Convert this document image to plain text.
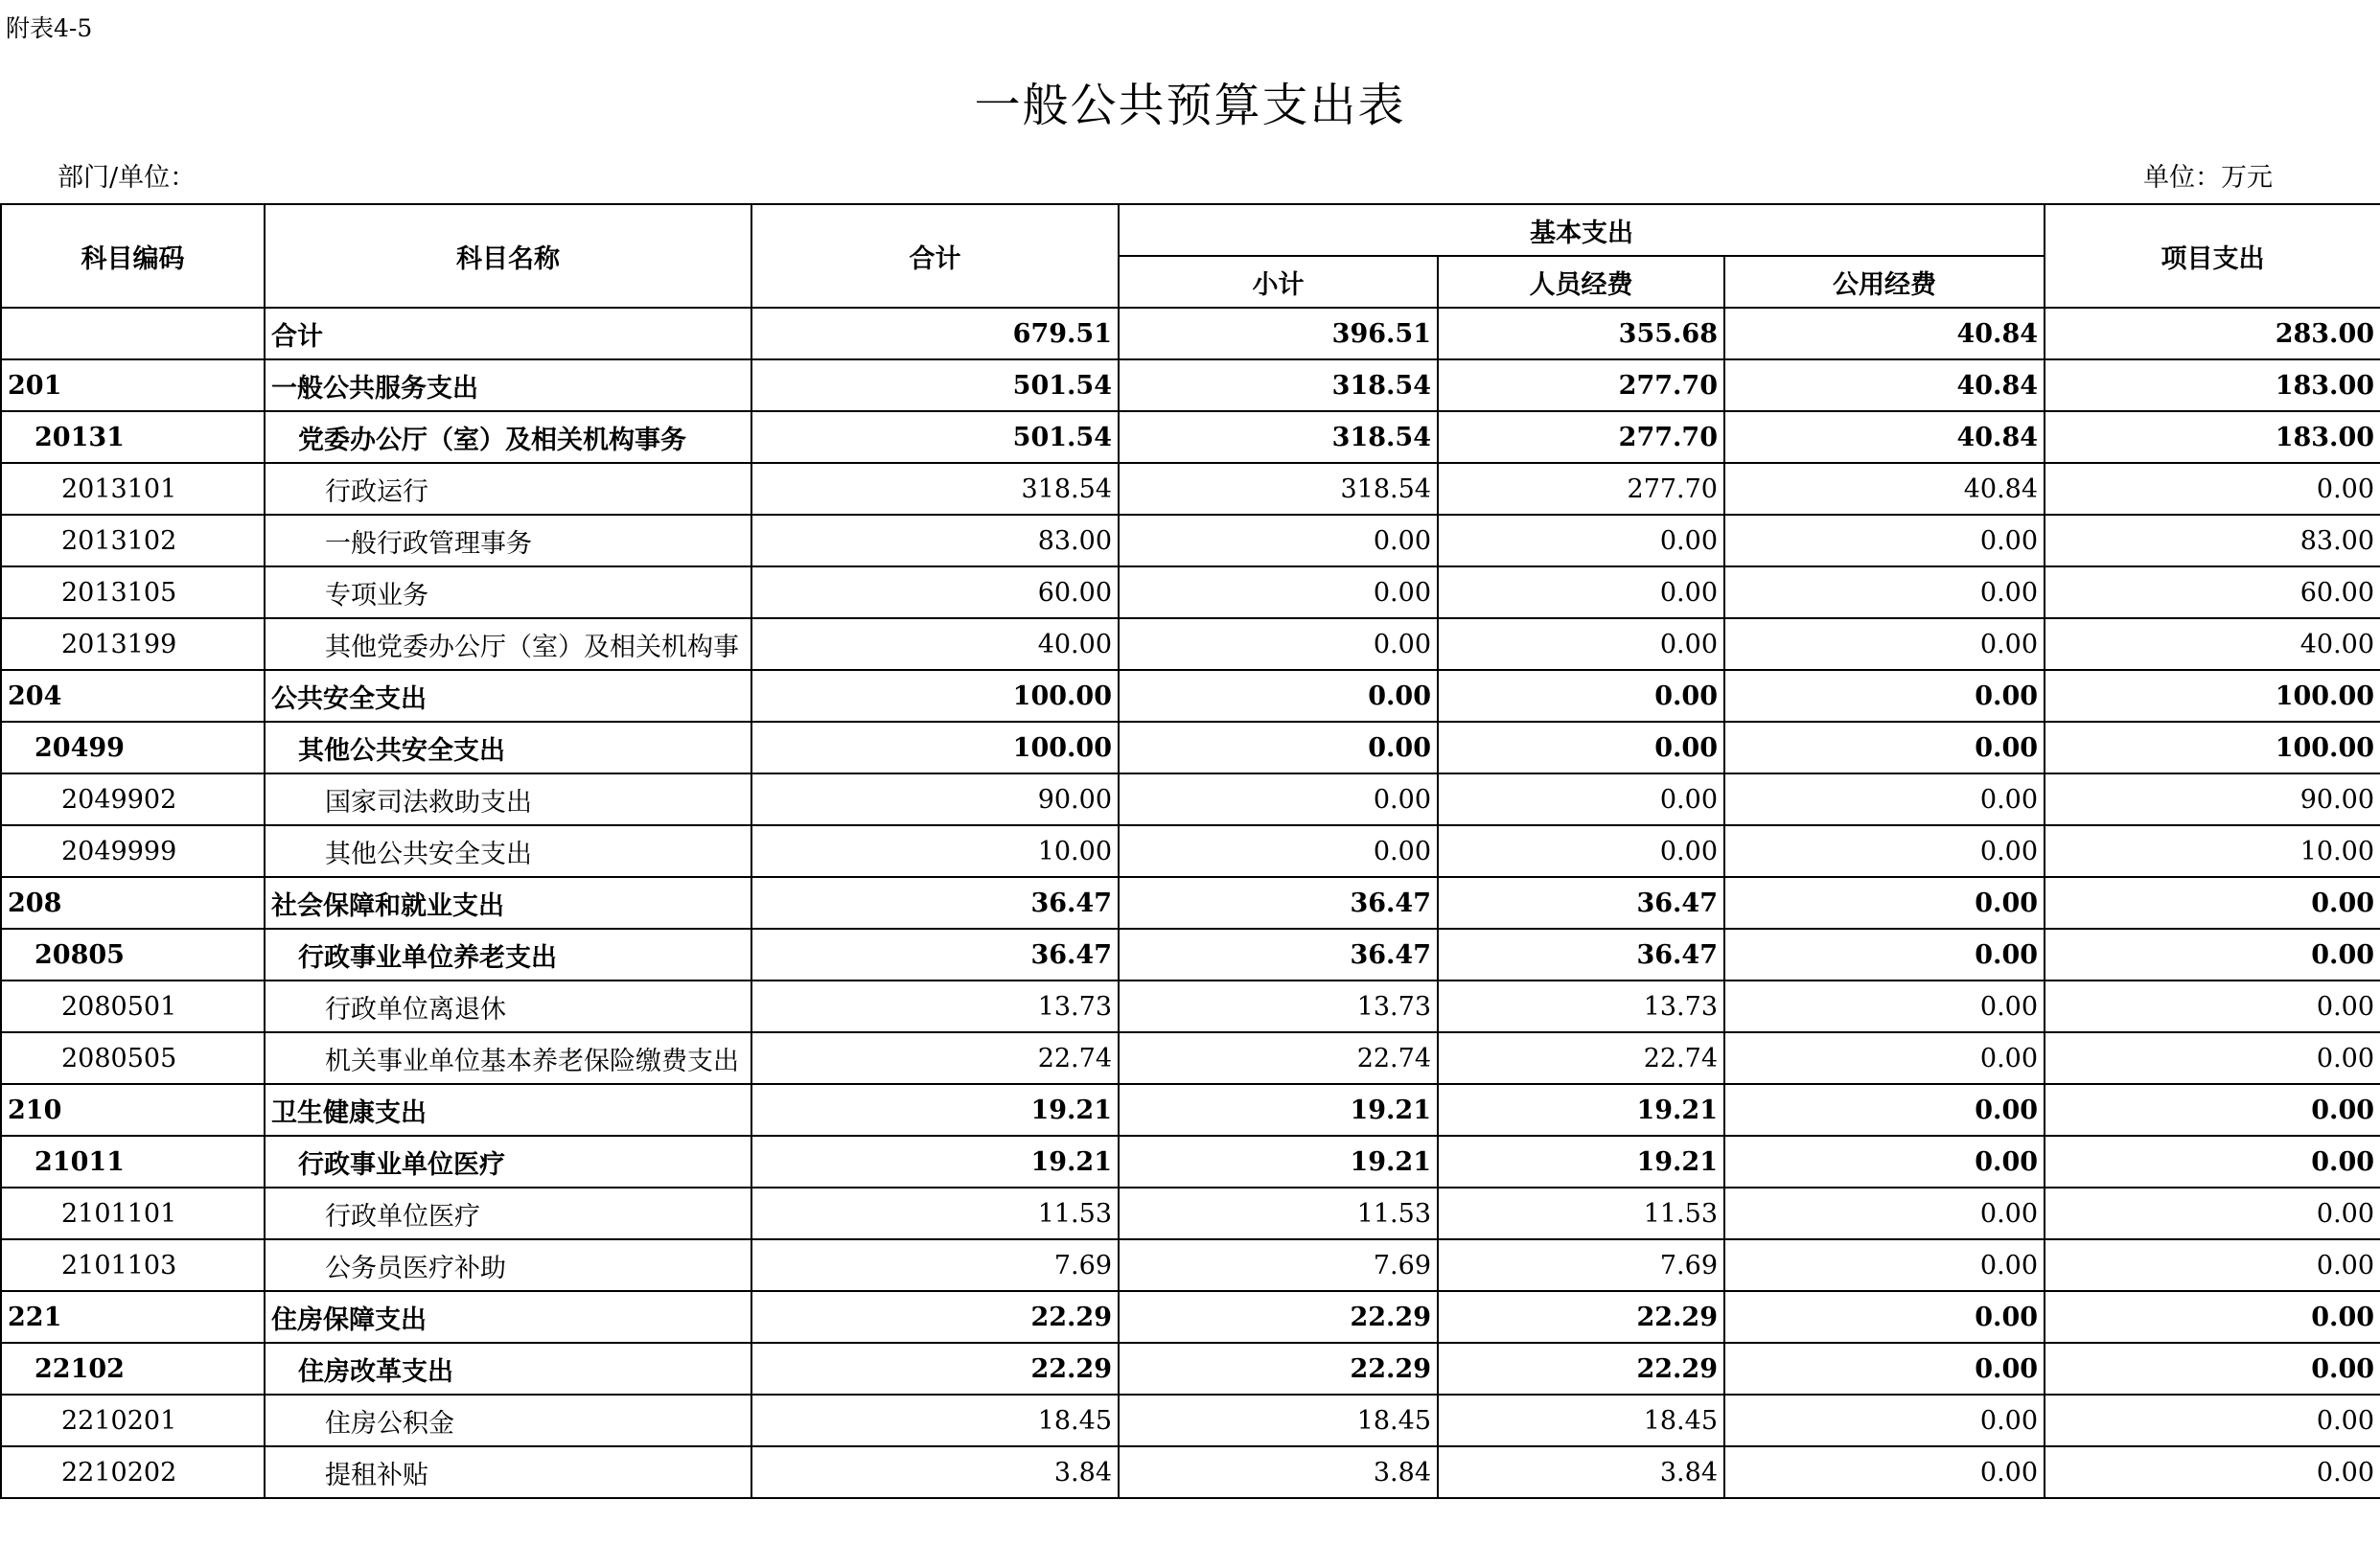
附表4-5
一般公共预算支出表
部门/单位：	单位：万元
科目编码	科目名称	合计	基本支出			项目支出
			小计	人员经费	公用经费	
	合计	679.51	396.51	355.68	40.84	283.00
201	一般公共服务支出	501.54	318.54	277.70	40.84	183.00
20131	党委办公厅（室）及相关机构事务	501.54	318.54	277.70	40.84	183.00
2013101	行政运行	318.54	318.54	277.70	40.84	0.00
2013102	一般行政管理事务	83.00	0.00	0.00	0.00	83.00
2013105	专项业务	60.00	0.00	0.00	0.00	60.00
2013199	其他党委办公厅（室）及相关机构事	40.00	0.00	0.00	0.00	40.00
204	公共安全支出	100.00	0.00	0.00	0.00	100.00
20499	其他公共安全支出	100.00	0.00	0.00	0.00	100.00
2049902	国家司法救助支出	90.00	0.00	0.00	0.00	90.00
2049999	其他公共安全支出	10.00	0.00	0.00	0.00	10.00
208	社会保障和就业支出	36.47	36.47	36.47	0.00	0.00
20805	行政事业单位养老支出	36.47	36.47	36.47	0.00	0.00
2080501	行政单位离退休	13.73	13.73	13.73	0.00	0.00
2080505	机关事业单位基本养老保险缴费支出	22.74	22.74	22.74	0.00	0.00
210	卫生健康支出	19.21	19.21	19.21	0.00	0.00
21011	行政事业单位医疗	19.21	19.21	19.21	0.00	0.00
2101101	行政单位医疗	11.53	11.53	11.53	0.00	0.00
2101103	公务员医疗补助	7.69	7.69	7.69	0.00	0.00
221	住房保障支出	22.29	22.29	22.29	0.00	0.00
22102	住房改革支出	22.29	22.29	22.29	0.00	0.00
2210201	住房公积金	18.45	18.45	18.45	0.00	0.00
2210202	提租补贴	3.84	3.84	3.84	0.00	0.00
